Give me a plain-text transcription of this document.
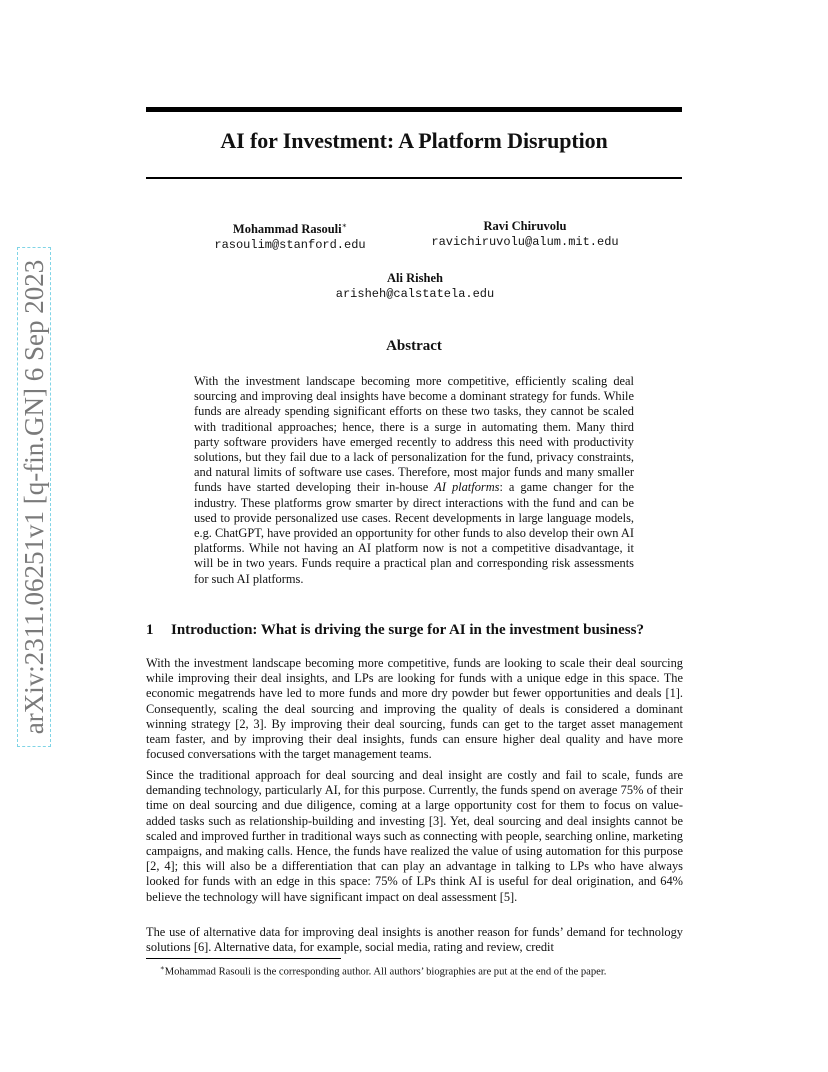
arXiv:2311.06251v1 [q-fin.GN] 6 Sep 2023
AI for Investment: A Platform Disruption
Mohammad Rasouli∗
rasoulim@stanford.edu
Ravi Chiruvolu
ravichiruvolu@alum.mit.edu
Ali Risheh
arisheh@calstatela.edu
Abstract
With the investment landscape becoming more competitive, efficiently scaling deal sourcing and improving deal insights have become a dominant strategy for funds. While funds are already spending significant efforts on these two tasks, they cannot be scaled with traditional approaches; hence, there is a surge in automating them. Many third party software providers have emerged recently to address this need with productivity solutions, but they fail due to a lack of personalization for the fund, privacy constraints, and natural limits of software use cases. Therefore, most major funds and many smaller funds have started developing their in-house AI platforms: a game changer for the industry. These platforms grow smarter by direct interactions with the fund and can be used to provide personalized use cases. Recent developments in large language models, e.g. ChatGPT, have provided an opportunity for other funds to also develop their own AI platforms. While not having an AI platform now is not a competitive disadvantage, it will be in two years. Funds require a practical plan and corresponding risk assessments for such AI platforms.
1 Introduction: What is driving the surge for AI in the investment business?
With the investment landscape becoming more competitive, funds are looking to scale their deal sourcing while improving their deal insights, and LPs are looking for funds with a unique edge in this space. The economic megatrends have led to more funds and more dry powder but fewer opportunities and deals [1]. Consequently, scaling the deal sourcing and improving the quality of deals is considered a dominant winning strategy [2, 3]. By improving their deal sourcing, funds can get to the target asset management team faster, and by improving their deal insights, funds can ensure higher deal quality and have more focused conversations with the target management teams.
Since the traditional approach for deal sourcing and deal insight are costly and fail to scale, funds are demanding technology, particularly AI, for this purpose. Currently, the funds spend on average 75% of their time on deal sourcing and due diligence, coming at a large opportunity cost for them to focus on value-added tasks such as relationship-building and investing [3]. Yet, deal sourcing and deal insights cannot be scaled and improved further in traditional ways such as connecting with people, searching online, marketing campaigns, and making calls. Hence, the funds have realized the value of using automation for this purpose [2, 4]; this will also be a differentiation that can play an advantage in talking to LPs who have always looked for funds with an edge in this space: 75% of LPs think AI is useful for deal origination, and 64% believe the technology will have significant impact on deal assessment [5].
The use of alternative data for improving deal insights is another reason for funds’ demand for technology solutions [6]. Alternative data, for example, social media, rating and review, credit
∗Mohammad Rasouli is the corresponding author. All authors’ biographies are put at the end of the paper.
